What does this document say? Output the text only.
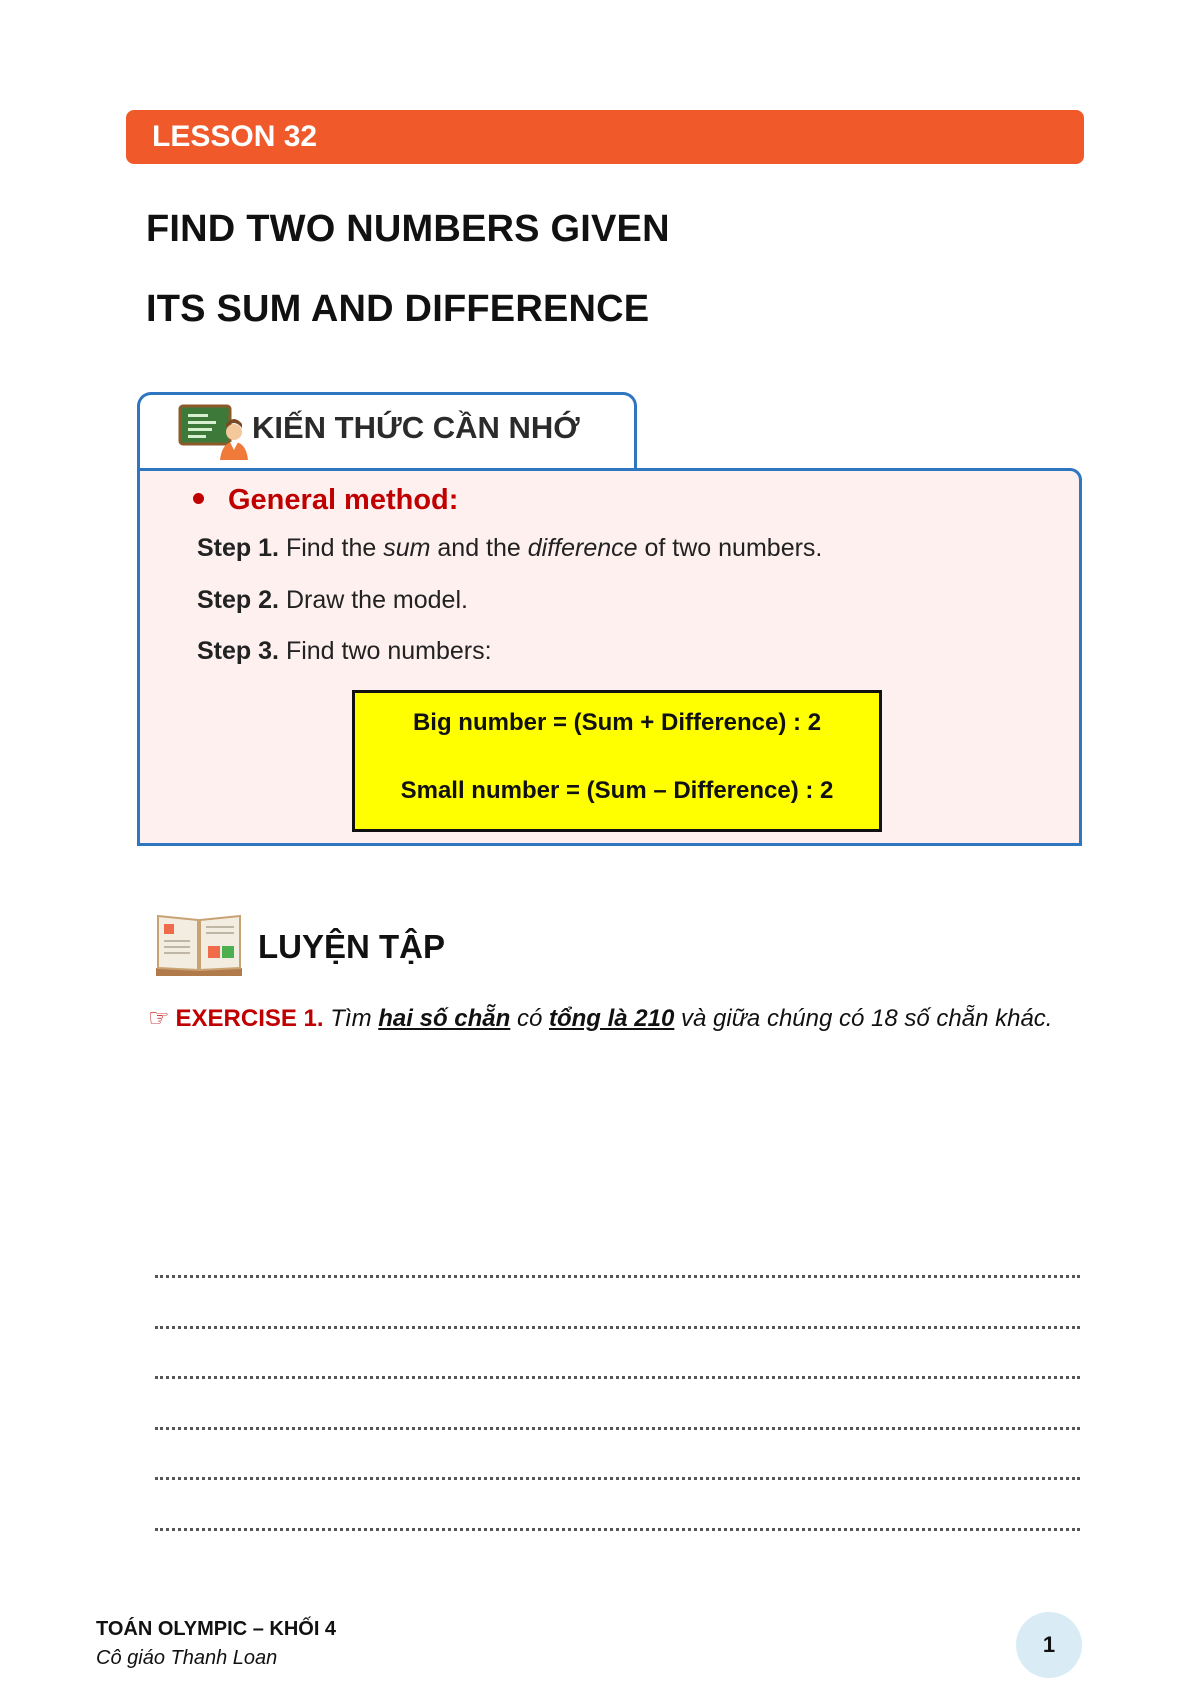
LESSON 32
FIND TWO NUMBERS GIVEN
ITS SUM AND DIFFERENCE
KIẾN THỨC CẦN NHỚ
General method:
Step 1. Find the sum and the difference of two numbers.
Step 2. Draw the model.
Step 3. Find two numbers:
Big number = (Sum + Difference) : 2
Small number = (Sum – Difference) : 2
LUYỆN TẬP
☞ EXERCISE 1. Tìm hai số chẵn có tổng là 210 và giữa chúng có 18 số chẵn khác.
TOÁN OLYMPIC – KHỐI 4
Cô giáo Thanh Loan
1
